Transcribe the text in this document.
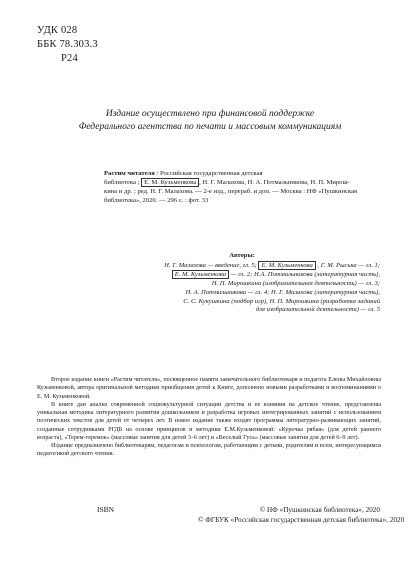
УДК 028
ББК 78.303.3
Р24
Издание осуществлено при финансовой поддержке
Федерального агентства по печати и массовым коммуникациям
Растим читателя / Российская государственная детская
библиотека ; Е. М. Кузьменкова , Н. Г. Малахова, Н. А. Потмальникова, Н. П. Мирош-
кина и др. ; ред. Н. Г. Малахова. — 2-е изд., перераб. и доп. — Москва : НФ «Пушкинская
библиотека», 2020. — 296 с. : фот. 33
Авторы:
Н. Г. Малахова — введение, гл. 5; Е. М. Кузьменкова , Г. М. Рыська — гл. 1;
Е. М. Кузьменкова — гл. 2; Н.А. Потмальникова (литературная часть),
Н. П. Мирошкина (изобразительная деятельность) — гл. 3;
Н. А. Потмальникова — гл. 4; Н. Г. Малахова (литературная часть),
С. С. Кукушкина (подбор игр), Н. П. Мирошкина (разработка заданий
для изобразительной деятельности) — гл. 5

Второе издание книги «Растим читателя», посвященное памяти замечательного библиотекаря и педагога Елены Михайловны Кузьменковой, автора оригинальной методики приобщения детей к Книге, дополнено новыми разработками и воспоминаниями о Е. М. Кузьменковой.

В книге дан анализ современной социокультурной ситуации детства и ее влияния на детское чтение, представлены уникальная методика литературного развития дошкольников и разработка игровых интегрированных занятий с использованием поэтических текстов для детей от четырех лет. В новое издание также входят программы литературно-развивающих занятий, созданные сотрудниками РГДБ на основе принципов и методики Е.М.Кузьменковой: «Курочка рябая» (для детей раннего возраста), «Терем-теремок» (массовые занятия для детей 3–6 лет) и «Веселый Гусь» (массовые занятия для детей 6–9 лет).

Издание предназначено библиотекарям, педагогам и психологам, работающим с детьми, родителям и всем, интересующимся педагогикой детского чтения.

ISBN	© НФ «Пушкинская библиотека», 2020
© ФГБУК «Российская государственная детская библиотека», 2020
